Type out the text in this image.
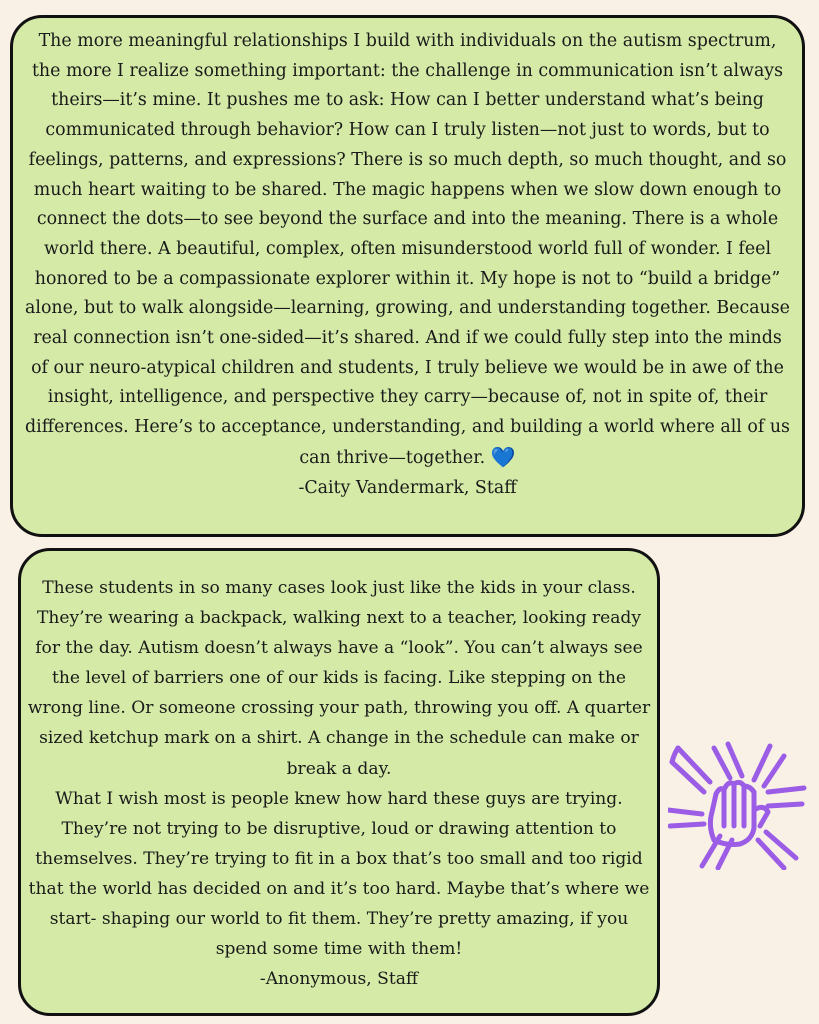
The more meaningful relationships I build with individuals on the autism spectrum, the more I realize something important: the challenge in communication isn’t always theirs—it’s mine. It pushes me to ask: How can I better understand what’s being communicated through behavior? How can I truly listen—not just to words, but to feelings, patterns, and expressions? There is so much depth, so much thought, and so much heart waiting to be shared. The magic happens when we slow down enough to connect the dots—to see beyond the surface and into the meaning. There is a whole world there. A beautiful, complex, often misunderstood world full of wonder. I feel honored to be a compassionate explorer within it. My hope is not to “build a bridge” alone, but to walk alongside—learning, growing, and understanding together. Because real connection isn’t one-sided—it’s shared. And if we could fully step into the minds of our neuro-atypical children and students, I truly believe we would be in awe of the insight, intelligence, and perspective they carry—because of, not in spite of, their differences. Here’s to acceptance, understanding, and building a world where all of us can thrive—together. 💙
-Caity Vandermark, Staff

These students in so many cases look just like the kids in your class. They’re wearing a backpack, walking next to a teacher, looking ready for the day. Autism doesn’t always have a “look”. You can’t always see the level of barriers one of our kids is facing. Like stepping on the wrong line. Or someone crossing your path, throwing you off. A quarter sized ketchup mark on a shirt. A change in the schedule can make or break a day.
What I wish most is people knew how hard these guys are trying. They’re not trying to be disruptive, loud or drawing attention to themselves. They’re trying to fit in a box that’s too small and too rigid that the world has decided on and it’s too hard. Maybe that’s where we start- shaping our world to fit them. They’re pretty amazing, if you spend some time with them!
-Anonymous, Staff
